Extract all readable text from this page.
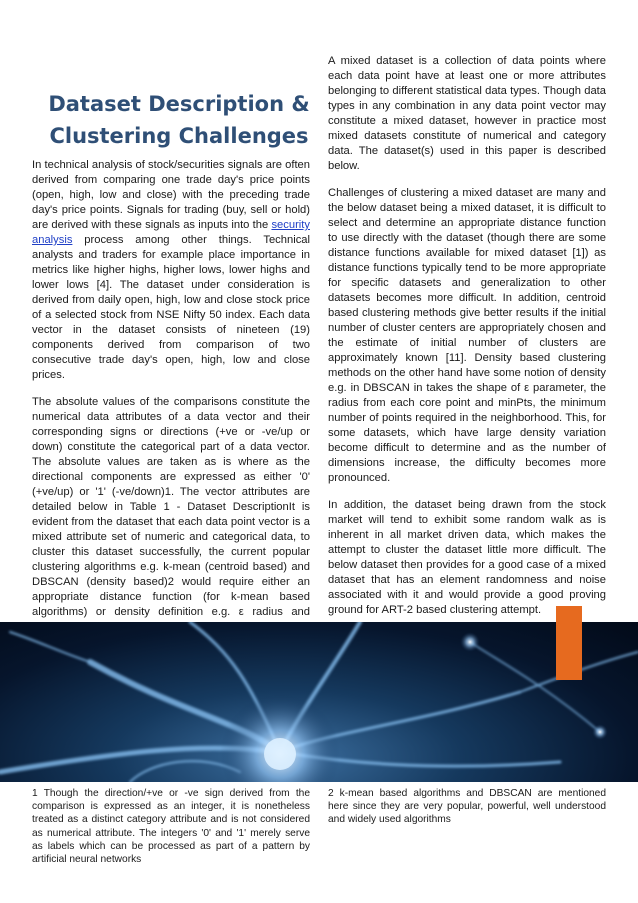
Dataset Description & Clustering Challenges

In technical analysis of stock/securities signals are often derived from comparing one trade day's price points (open, high, low and close) with the preceding trade day's price points. Signals for trading (buy, sell or hold) are derived with these signals as inputs into the security analysis process among other things. Technical analysts and traders for example place importance in metrics like higher highs, higher lows, lower highs and lower lows [4]. The dataset under consideration is derived from daily open, high, low and close stock price of a selected stock from NSE Nifty 50 index. Each data vector in the dataset consists of nineteen (19) components derived from comparison of two consecutive trade day's open, high, low and close prices.

The absolute values of the comparisons constitute the numerical data attributes of a data vector and their corresponding signs or directions (+ve or -ve/up or down) constitute the categorical part of a data vector. The absolute values are taken as is where as the directional components are expressed as either '0' (+ve/up) or '1' (-ve/down)1. The vector attributes are detailed below in Table 1 - Dataset DescriptionIt is evident from the dataset that each data point vector is a mixed attribute set of numeric and categorical data, to cluster this dataset successfully, the current popular clustering algorithms e.g. k-mean (centroid based) and DBSCAN (density based)2 would require either an appropriate distance function (for k-mean based algorithms) or density definition e.g. ε radius and

A mixed dataset is a collection of data points where each data point have at least one or more attributes belonging to different statistical data types. Though data types in any combination in any data point vector may constitute a mixed dataset, however in practice most mixed datasets constitute of numerical and category data. The dataset(s) used in this paper is described below.

Challenges of clustering a mixed dataset are many and the below dataset being a mixed dataset, it is difficult to select and determine an appropriate distance function to use directly with the dataset (though there are some distance functions available for mixed dataset [1]) as distance functions typically tend to be more appropriate for specific datasets and generalization to other datasets becomes more difficult. In addition, centroid based clustering methods give better results if the initial number of cluster centers are appropriately chosen and the estimate of initial number of clusters are approximately known [11]. Density based clustering methods on the other hand have some notion of density e.g. in DBSCAN in takes the shape of ε parameter, the radius from each core point and minPts, the minimum number of points required in the neighborhood. This, for some datasets, which have large density variation become difficult to determine and as the number of dimensions increase, the difficulty becomes more pronounced.

In addition, the dataset being drawn from the stock market will tend to exhibit some random walk as is inherent in all market driven data, which makes the attempt to cluster the dataset little more difficult. The below dataset then provides for a good case of a mixed dataset that has an element randomness and noise associated with it and would provide a good proving ground for ART-2 based clustering attempt.

1 Though the direction/+ve or -ve sign derived from the comparison is expressed as an integer, it is nonetheless treated as a distinct category attribute and is not considered as numerical attribute. The integers '0' and '1' merely serve as labels which can be processed as part of a pattern by artificial neural networks
2 k-mean based algorithms and DBSCAN are mentioned here since they are very popular, powerful, well understood and widely used algorithms
